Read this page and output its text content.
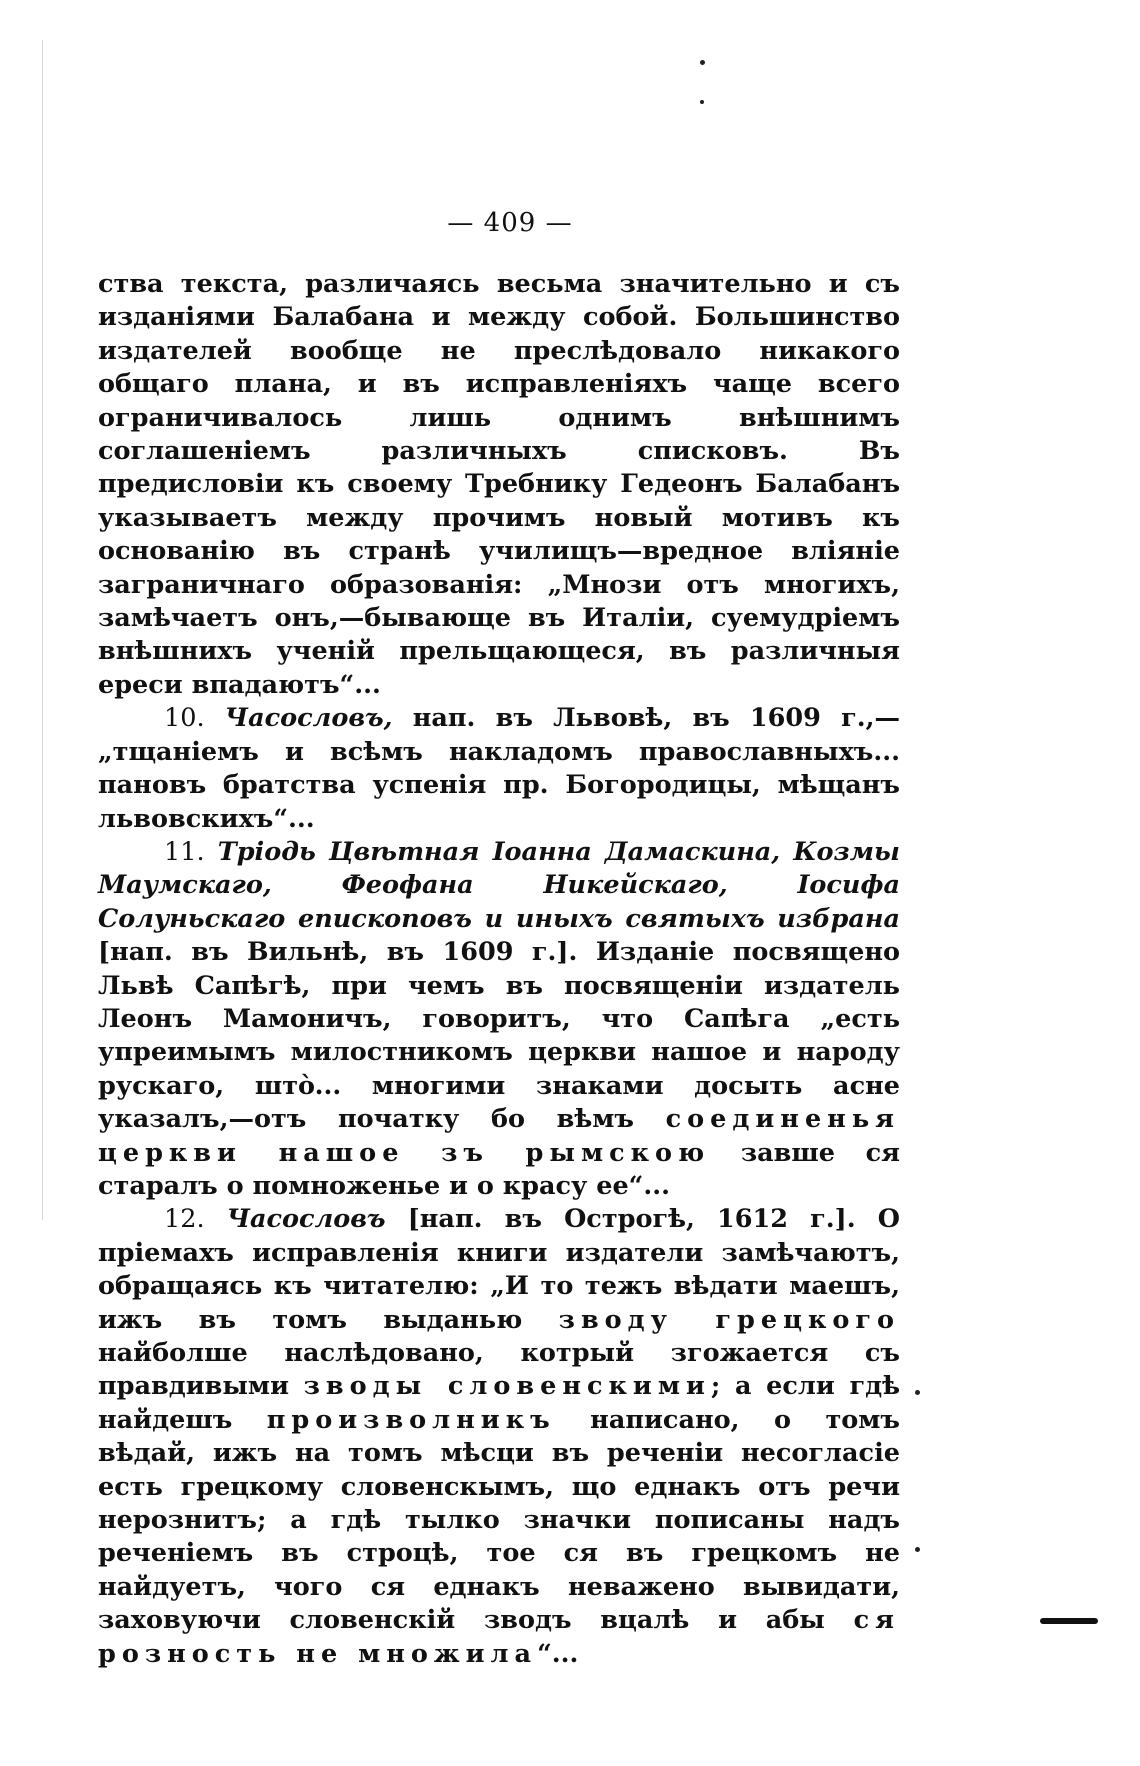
— 409 —

ства текста, различаясь весьма значительно и съ изданіями Балабана и между собой. Большинство издателей вообще не преслѣдовало никакого общаго плана, и въ исправленіяхъ чаще всего ограничивалось лишь однимъ внѣшнимъ соглашеніемъ различныхъ списковъ. Въ предисловіи къ своему Требнику Гедеонъ Балабанъ указываетъ между прочимъ новый мотивъ къ основанію въ странѣ училищъ—вредное вліяніе заграничнаго образованія: „Мнози отъ многихъ, замѣчаетъ онъ,—бывающе въ Италіи, суемудріемъ внѣшнихъ ученій прельщающеся, въ различныя ереси впадаютъ“...

10. Часословъ, нап. въ Львовѣ, въ 1609 г.,—„тщаніемъ и всѣмъ накладомъ православныхъ... пановъ братства успенія пр. Богородицы, мѣщанъ львовскихъ“...

11. Тріодь Цвѣтная Іоанна Дамаскина, Козмы Маумскаго, Феофана Никейскаго, Іосифа Солуньскаго епископовъ и иныхъ святыхъ избрана [нап. въ Вильнѣ, въ 1609 г.]. Изданіе посвящено Львѣ Сапѣгѣ, при чемъ въ посвященіи издатель Леонъ Мамоничъ, говоритъ, что Сапѣга „есть упреимымъ милостникомъ церкви нашое и народу рускаго, штò... многими знаками досыть асне указалъ,—отъ початку бо вѣмъ соединенья церкви нашое зъ рымскою завше ся старалъ о помноженье и о красу ее“...

12. Часословъ [нап. въ Острогѣ, 1612 г.]. О пріемахъ исправленія книги издатели замѣчаютъ, обращаясь къ читателю: „И то тежъ вѣдати маешъ, ижъ въ томъ выданью зводу грецкого найболше наслѣдовано, котрый згожается съ правдивыми зводы словенскими; а если гдѣ найдешъ произволникъ написано, о томъ вѣдай, ижъ на томъ мѣсци въ реченіи несогласіе есть грецкому словенскымъ, що еднакъ отъ речи нерознитъ; а гдѣ тылко значки пописаны надъ реченіемъ въ строцѣ, тое ся въ грецкомъ не найдуетъ, чого ся еднакъ неважено вывидати, заховуючи словенскій зводъ вцалѣ и абы ся розность не множила“...
